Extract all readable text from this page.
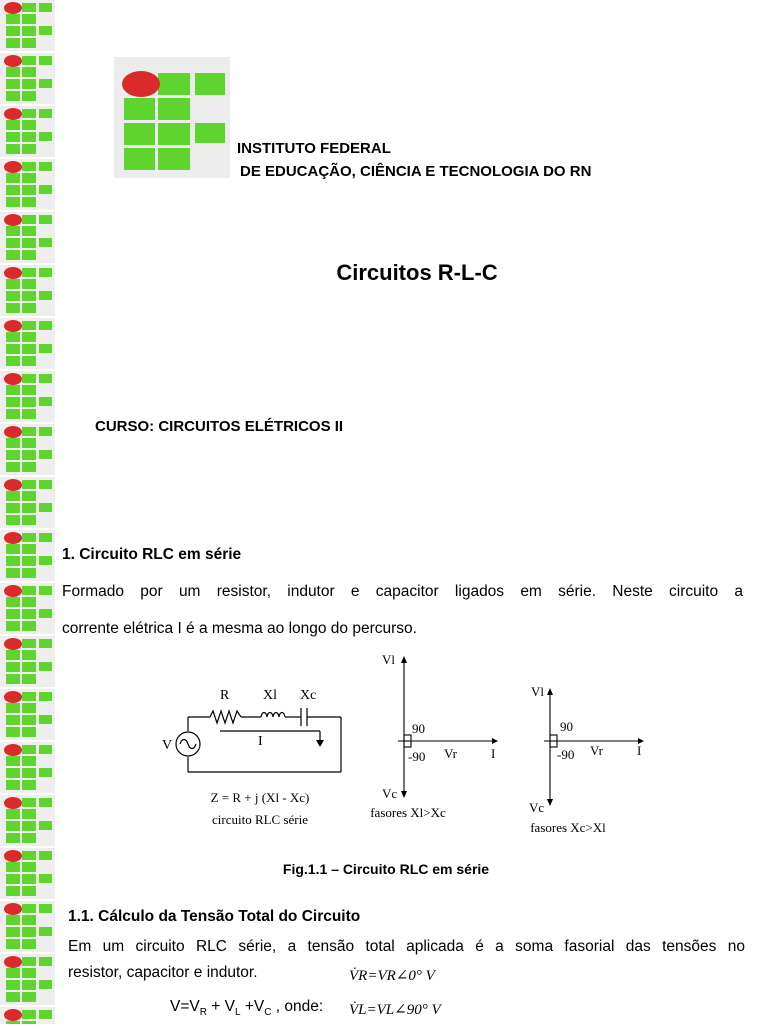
INSTITUTO FEDERAL
DE EDUCAÇÃO, CIÊNCIA E TECNOLOGIA DO RN
Circuitos R-L-C
CURSO: CIRCUITOS ELÉTRICOS II
1. Circuito RLC em série
Formado por um resistor, indutor e capacitor ligados em série. Neste circuito a
corrente elétrica I é a mesma ao longo do percurso.
R Xl Xc
V	I
Z = R + j (Xl - Xc)
circuito RLC série
Vl
Vc
90
-90 Vr	I
fasores Xl>Xc
Vl
Vc
90
-90 Vr	I
fasores Xc>Xl
Fig.1.1 – Circuito RLC em série
1.1. Cálculo da Tensão Total do Circuito
Em um circuito RLC série, a tensão total aplicada é a soma fasorial das tensões no
resistor, capacitor e indutor.	V̇R=VR∠0° V
$V=V_R + V_L +V_C$ , onde: V̇L=VL∠90° V
